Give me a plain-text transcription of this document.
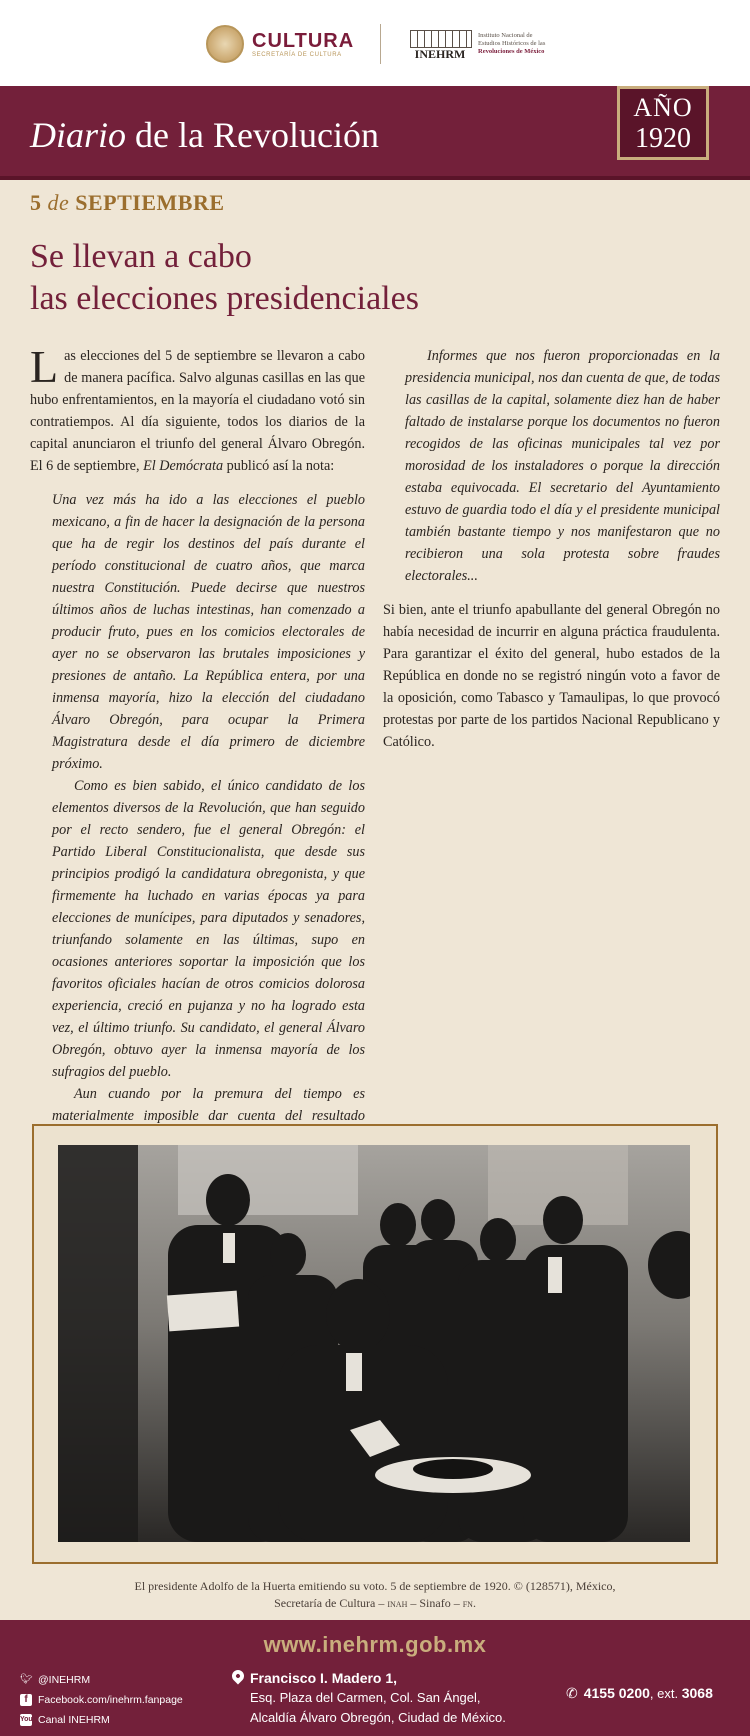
CULTURA
SECRETARÍA DE CULTURA	INEHRM
Instituto Nacional de
Estudios Históricos de las
Revoluciones de México
Diario de la Revolución
AÑO
1920
5 de SEPTIEMBRE
Se llevan a cabo
las elecciones presidenciales

Las elecciones del 5 de septiembre se llevaron a cabo de manera pacífica. Salvo algunas casillas en las que hubo enfrentamientos, en la mayoría el ciudadano votó sin contratiempos. Al día siguiente, todos los diarios de la capital anunciaron el triunfo del general Álvaro Obregón. El 6 de septiembre, El Demócrata publicó así la nota:

Una vez más ha ido a las elecciones el pueblo mexicano, a fin de hacer la designación de la persona que ha de regir los destinos del país durante el período constitucional de cuatro años, que marca nuestra Constitución. Puede decirse que nuestros últimos años de luchas intestinas, han comenzado a producir fruto, pues en los comicios electorales de ayer no se observaron las brutales imposiciones y presiones de antaño. La República entera, por una inmensa mayoría, hizo la elección del ciudadano Álvaro Obregón, para ocupar la Primera Magistratura desde el día primero de diciembre próximo.

Como es bien sabido, el único candidato de los elementos diversos de la Revolución, que han seguido por el recto sendero, fue el general Obregón: el Partido Liberal Constitucionalista, que desde sus principios prodigó la candidatura obregonista, y que firmemente ha luchado en varias épocas ya para elecciones de munícipes, para diputados y senadores, triunfando solamente en las últimas, supo en ocasiones anteriores soportar la imposición que los favoritos oficiales hacían de otros comicios dolorosa experiencia, creció en pujanza y no ha logrado esta vez, el último triunfo. Su candidato, el general Álvaro Obregón, obtuvo ayer la inmensa mayoría de los sufragios del pueblo.

Aun cuando por la premura del tiempo es materialmente imposible dar cuenta del resultado

Informes que nos fueron proporcionadas en la presidencia municipal, nos dan cuenta de que, de todas las casillas de la capital, solamente diez han de haber faltado de instalarse porque los documentos no fueron recogidos de las oficinas municipales tal vez por morosidad de los instaladores o porque la dirección estaba equivocada. El secretario del Ayuntamiento estuvo de guardia todo el día y el presidente municipal también bastante tiempo y nos manifestaron que no recibieron una sola protesta sobre fraudes electorales...

Si bien, ante el triunfo apabullante del general Obregón no había necesidad de incurrir en alguna práctica fraudulenta. Para garantizar el éxito del general, hubo estados de la República en donde no se registró ningún voto a favor de la oposición, como Tabasco y Tamaulipas, lo que provocó protestas por parte de los partidos Nacional Republicano y Católico.

El presidente Adolfo de la Huerta emitiendo su voto. 5 de septiembre de 1920. © (128571), México,
Secretaría de Cultura – inah – Sinafo – fn.
www.inehrm.gob.mx
🐦︎ @INEHRM
f Facebook.com/inehrm.fanpage
You Canal
INEHRM
Francisco I. Madero 1,
Esq. Plaza del Carmen, Col. San Ángel,
Alcaldía Álvaro Obregón, Ciudad de México.
✆ 4155 0200, ext. 3068
